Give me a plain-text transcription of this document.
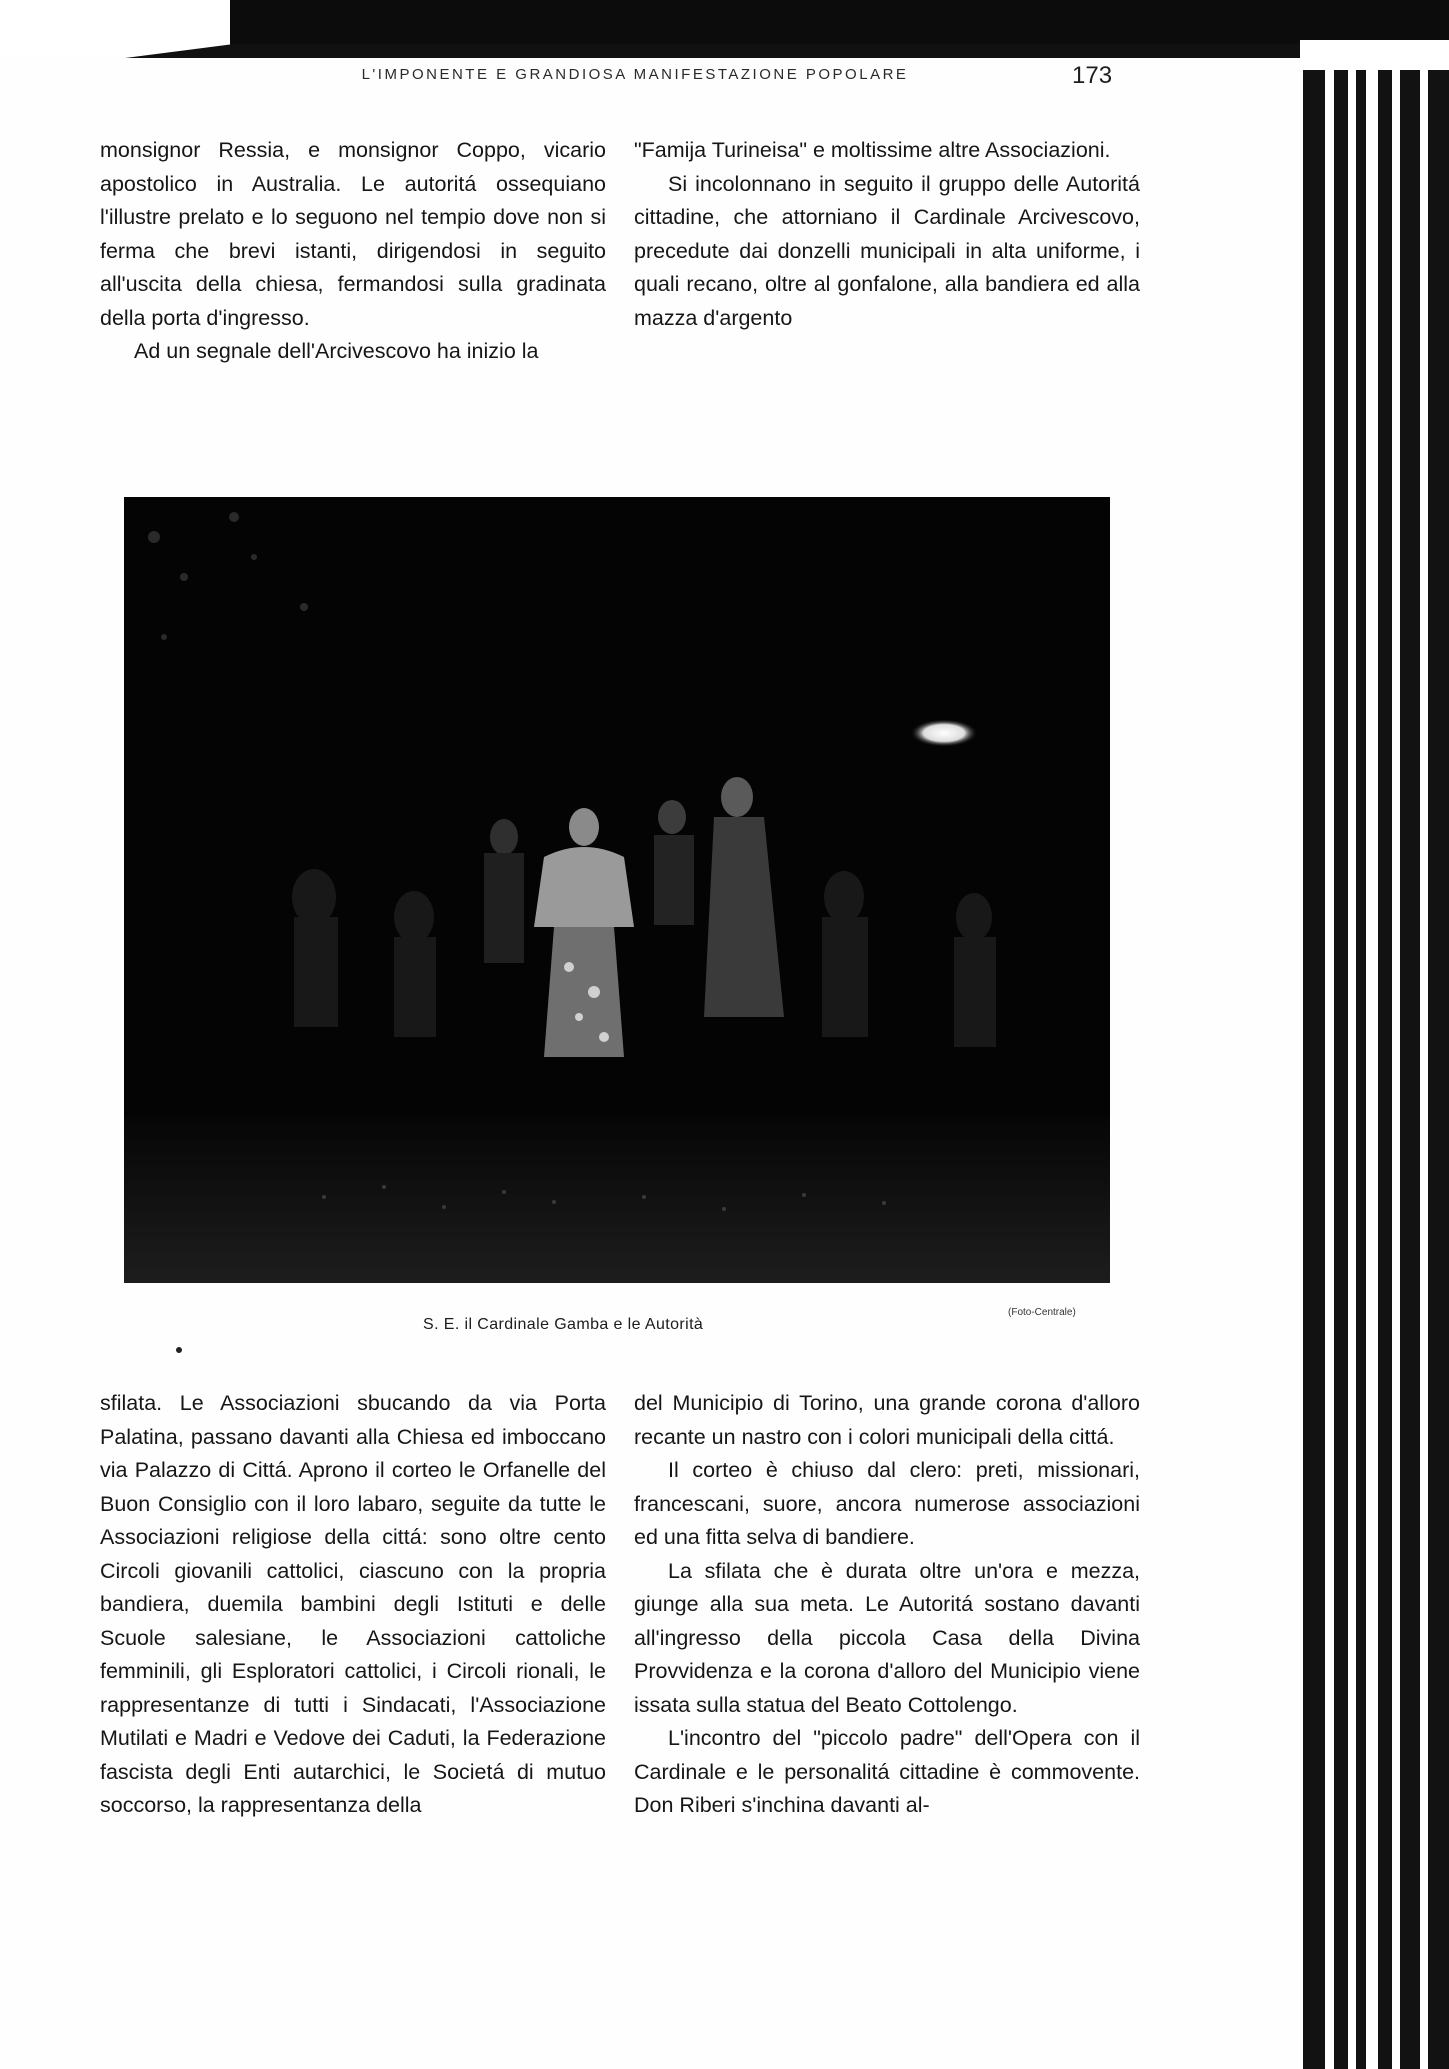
L'IMPONENTE E GRANDIOSA MANIFESTAZIONE POPOLARE	173

monsignor Ressia, e monsignor Coppo, vicario apostolico in Australia. Le autoritá ossequiano l'illustre prelato e lo seguono nel tempio dove non si ferma che brevi istanti, dirigendosi in seguito all'uscita della chiesa, fermandosi sulla gradinata della porta d'ingresso.

Ad un segnale dell'Arcivescovo ha inizio la

"Famija Turineisa" e moltissime altre Associazioni.

Si incolonnano in seguito il gruppo delle Autoritá cittadine, che attorniano il Cardinale Arcivescovo, precedute dai donzelli municipali in alta uniforme, i quali recano, oltre al gonfalone, alla bandiera ed alla mazza d'argento

S. E. il Cardinale Gamba e le Autorità
(Foto-Centrale)

sfilata. Le Associazioni sbucando da via Porta Palatina, passano davanti alla Chiesa ed imboccano via Palazzo di Cittá. Aprono il corteo le Orfanelle del Buon Consiglio con il loro labaro, seguite da tutte le Associazioni religiose della cittá: sono oltre cento Circoli giovanili cattolici, ciascuno con la propria bandiera, duemila bambini degli Istituti e delle Scuole salesiane, le Associazioni cattoliche femminili, gli Esploratori cattolici, i Circoli rionali, le rappresentanze di tutti i Sindacati, l'Associazione Mutilati e Madri e Vedove dei Caduti, la Federazione fascista degli Enti autarchici, le Societá di mutuo soccorso, la rappresentanza della

del Municipio di Torino, una grande corona d'alloro recante un nastro con i colori municipali della cittá.

Il corteo è chiuso dal clero: preti, missionari, francescani, suore, ancora numerose associazioni ed una fitta selva di bandiere.

La sfilata che è durata oltre un'ora e mezza, giunge alla sua meta. Le Autoritá sostano davanti all'ingresso della piccola Casa della Divina Provvidenza e la corona d'alloro del Municipio viene issata sulla statua del Beato Cottolengo.

L'incontro del "piccolo padre" dell'Opera con il Cardinale e le personalitá cittadine è commovente. Don Riberi s'inchina davanti al-
